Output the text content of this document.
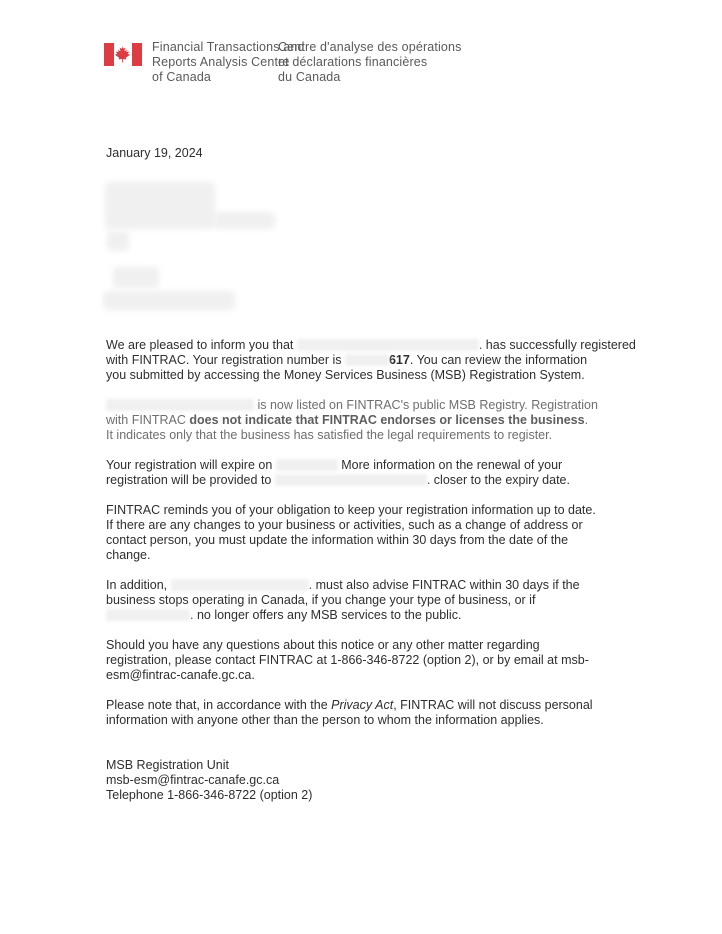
Financial Transactions and
Reports Analysis Centre
of Canada
Centre d'analyse des opérations
et déclarations financières
du Canada
January 19, 2024
We are pleased to inform you that	. has successfully registered
with FINTRAC. Your registration number is	617. You can review the information
you submitted by accessing the Money Services Business (MSB) Registration System.
is now listed on FINTRAC's public MSB Registry. Registration
with FINTRAC does not indicate that FINTRAC endorses or licenses the business.
It indicates only that the business has satisfied the legal requirements to register.
Your registration will expire on	More information on the renewal of your
registration will be provided to	. closer to the expiry date.
FINTRAC reminds you of your obligation to keep your registration information up to date.
If there are any changes to your business or activities, such as a change of address or
contact person, you must update the information within 30 days from the date of the
change.
In addition,	. must also advise FINTRAC within 30 days if the
business stops operating in Canada, if you change your type of business, or if
. no longer offers any MSB services to the public.
Should you have any questions about this notice or any other matter regarding
registration, please contact FINTRAC at 1-866-346-8722 (option 2), or by email at msb-
esm@fintrac-canafe.gc.ca.
Please note that, in accordance with the Privacy Act, FINTRAC will not discuss personal
information with anyone other than the person to whom the information applies.
MSB Registration Unit
msb-esm@fintrac-canafe.gc.ca
Telephone 1-866-346-8722 (option 2)
